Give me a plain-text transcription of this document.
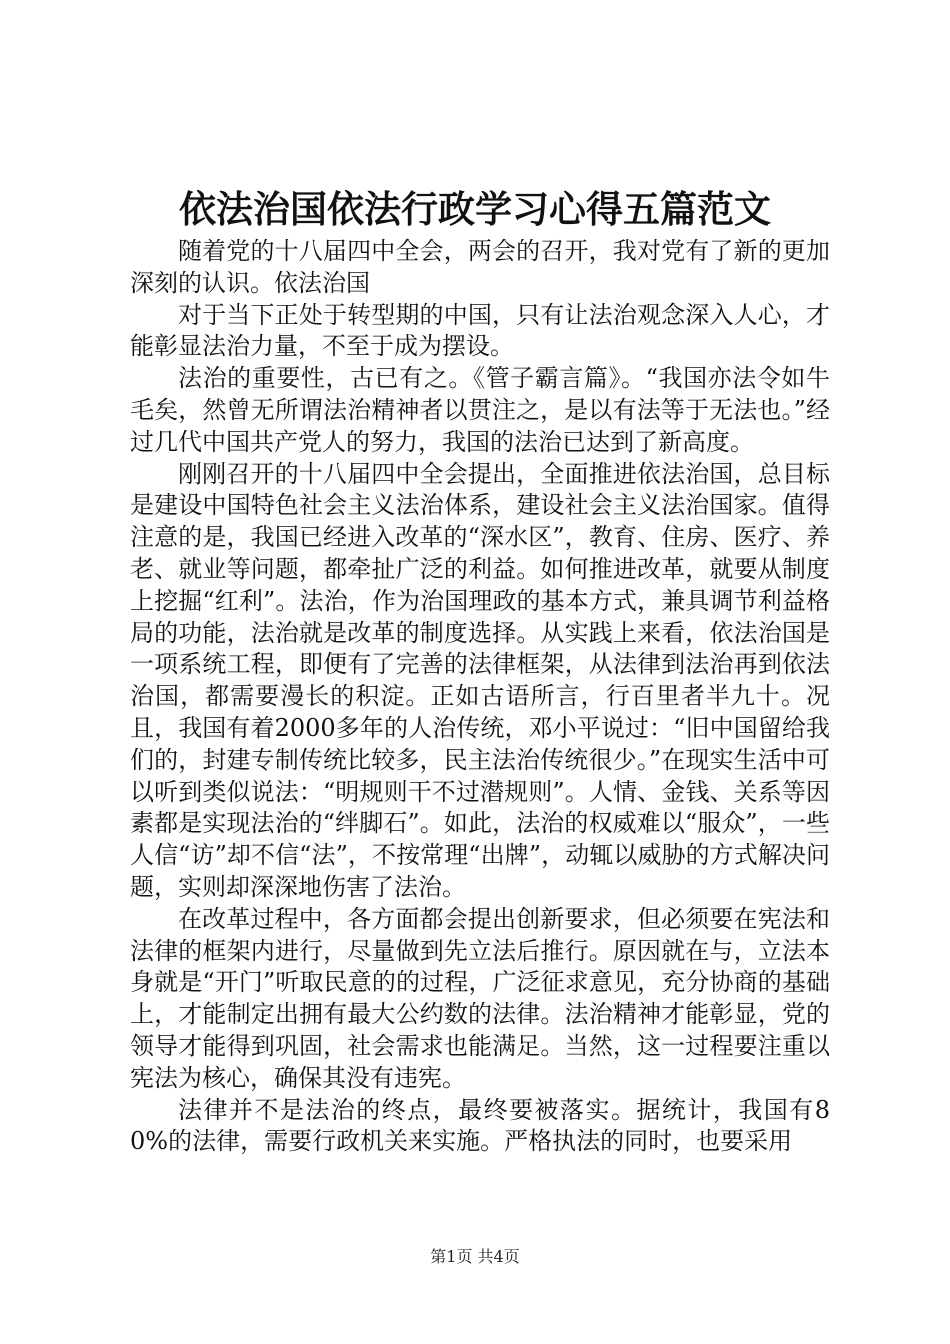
依法治国依法行政学习心得五篇范文

随着党的十八届四中全会，两会的召开，我对党有了新的更加深刻的认识。依法治国

对于当下正处于转型期的中国，只有让法治观念深入人心，才能彰显法治力量，不至于成为摆设。

法治的重要性，古已有之。《管子霸言篇》。“我国亦法令如牛毛矣，然曾无所谓法治精神者以贯注之，是以有法等于无法也。”经过几代中国共产党人的努力，我国的法治已达到了新高度。

刚刚召开的十八届四中全会提出，全面推进依法治国，总目标是建设中国特色社会主义法治体系，建设社会主义法治国家。值得注意的是，我国已经进入改革的“深水区”，教育、住房、医疗、养老、就业等问题，都牵扯广泛的利益。如何推进改革，就要从制度上挖掘“红利”。法治，作为治国理政的基本方式，兼具调节利益格局的功能，法治就是改革的制度选择。从实践上来看，依法治国是一项系统工程，即便有了完善的法律框架，从法律到法治再到依法治国，都需要漫长的积淀。正如古语所言，行百里者半九十。况且，我国有着2000多年的人治传统，邓小平说过：“旧中国留给我们的，封建专制传统比较多，民主法治传统很少。”在现实生活中可以听到类似说法：“明规则干不过潜规则”。人情、金钱、关系等因素都是实现法治的“绊脚石”。如此，法治的权威难以“服众”，一些人信“访”却不信“法”，不按常理“出牌”，动辄以威胁的方式解决问题，实则却深深地伤害了法治。

在改革过程中，各方面都会提出创新要求，但必须要在宪法和法律的框架内进行，尽量做到先立法后推行。原因就在与，立法本身就是“开门”听取民意的的过程，广泛征求意见，充分协商的基础上，才能制定出拥有最大公约数的法律。法治精神才能彰显，党的领导才能得到巩固，社会需求也能满足。当然，这一过程要注重以宪法为核心，确保其没有违宪。

法律并不是法治的终点，最终要被落实。据统计，我国有80%的法律，需要行政机关来实施。严格执法的同时，也要采用

第1页 共4页
